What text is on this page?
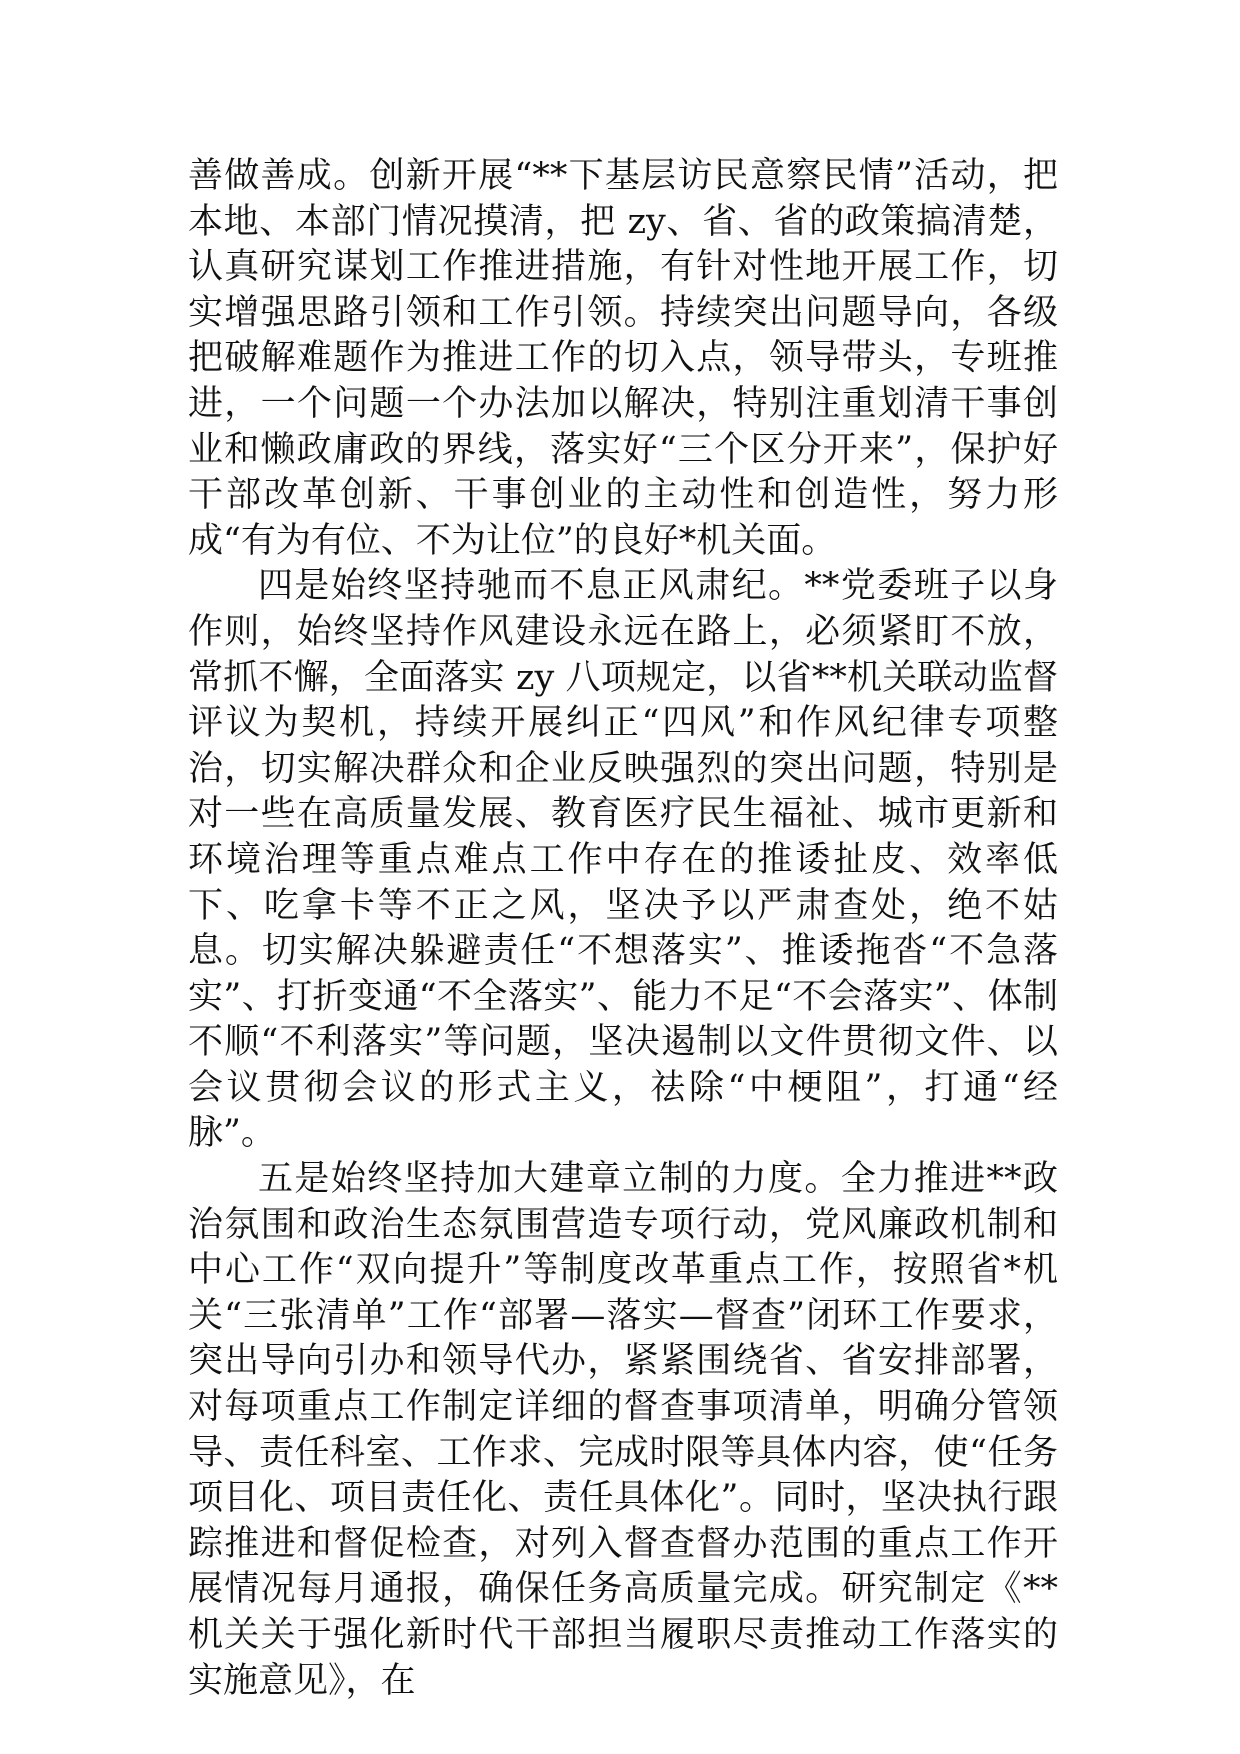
善做善成。创新开展“**下基层访民意察民情”活动，把本地、本部门情况摸清，把 zy、省、省的政策搞清楚，认真研究谋划工作推进措施，有针对性地开展工作，切实增强思路引领和工作引领。持续突出问题导向，各级把破解难题作为推进工作的切入点，领导带头，专班推进，一个问题一个办法加以解决，特别注重划清干事创业和懒政庸政的界线，落实好“三个区分开来”，保护好干部改革创新、干事创业的主动性和创造性，努力形成“有为有位、不为让位”的良好*机关面。

四是始终坚持驰而不息正风肃纪。**党委班子以身作则，始终坚持作风建设永远在路上，必须紧盯不放，常抓不懈，全面落实 zy 八项规定，以省**机关联动监督评议为契机，持续开展纠正“四风”和作风纪律专项整治，切实解决群众和企业反映强烈的突出问题，特别是对一些在高质量发展、教育医疗民生福祉、城市更新和环境治理等重点难点工作中存在的推诿扯皮、效率低下、吃拿卡等不正之风，坚决予以严肃查处，绝不姑息。切实解决躲避责任“不想落实”、推诿拖沓“不急落实”、打折变通“不全落实”、能力不足“不会落实”、体制不顺“不利落实”等问题，坚决遏制以文件贯彻文件、以会议贯彻会议的形式主义，祛除“中梗阻”，打通“经脉”。

五是始终坚持加大建章立制的力度。全力推进**政治氛围和政治生态氛围营造专项行动，党风廉政机制和中心工作“双向提升”等制度改革重点工作，按照省*机关“三张清单”工作“部署—落实—督查”闭环工作要求，突出导向引办和领导代办，紧紧围绕省、省安排部署，对每项重点工作制定详细的督查事项清单，明确分管领导、责任科室、工作求、完成时限等具体内容，使“任务项目化、项目责任化、责任具体化”。同时，坚决执行跟踪推进和督促检查，对列入督查督办范围的重点工作开展情况每月通报，确保任务高质量完成。研究制定《**机关关于强化新时代干部担当履职尽责推动工作落实的实施意见》，在
